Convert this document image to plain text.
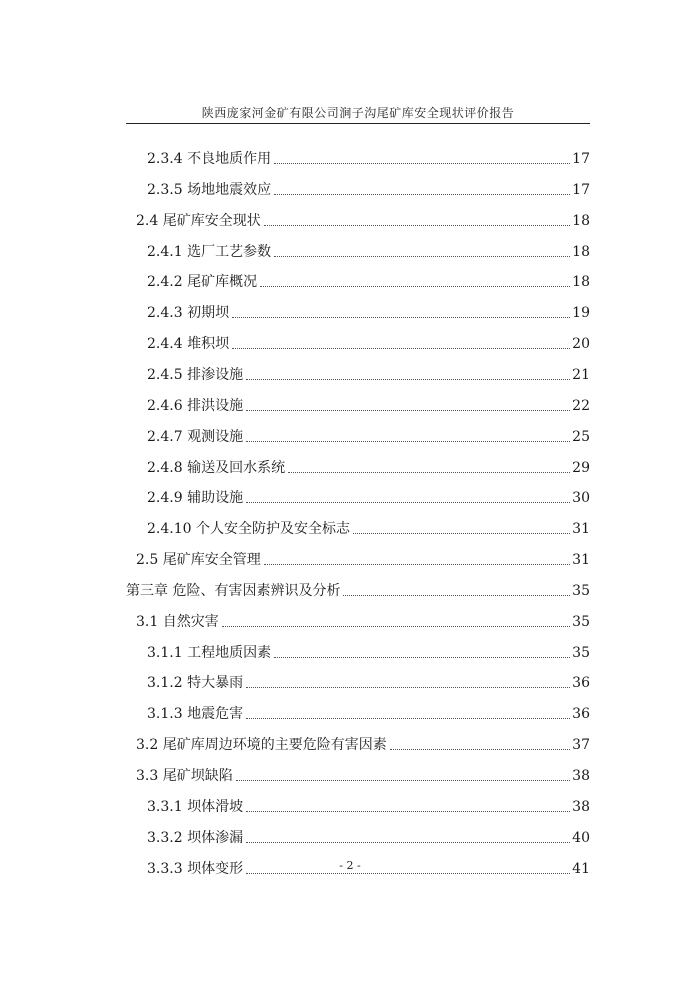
陕西庞家河金矿有限公司涧子沟尾矿库安全现状评价报告
2.3.4 不良地质作用	17
2.3.5 场地地震效应	17
2.4 尾矿库安全现状	18
2.4.1 选厂工艺参数	18
2.4.2 尾矿库概况	18
2.4.3 初期坝	19
2.4.4 堆积坝	20
2.4.5 排渗设施	21
2.4.6 排洪设施	22
2.4.7 观测设施	25
2.4.8 输送及回水系统	29
2.4.9 辅助设施	30
2.4.10 个人安全防护及安全标志	31
2.5 尾矿库安全管理	31
第三章 危险、有害因素辨识及分析	35
3.1 自然灾害	35
3.1.1 工程地质因素	35
3.1.2 特大暴雨	36
3.1.3 地震危害	36
3.2 尾矿库周边环境的主要危险有害因素	37
3.3 尾矿坝缺陷	38
3.3.1 坝体滑坡	38
3.3.2 坝体渗漏	40
3.3.3 坝体变形	41
- 2 -
